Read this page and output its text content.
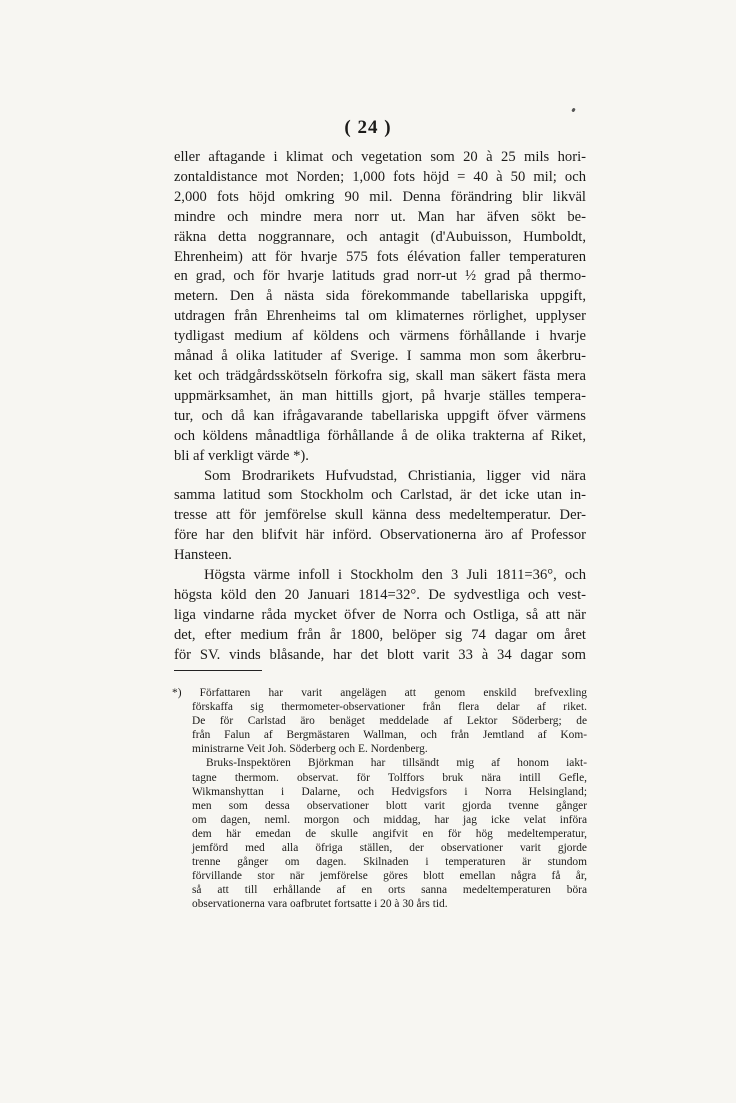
( 24 )
eller aftagande i klimat och vegetation som 20 à 25 mils hori-
zontaldistance mot Norden; 1,000 fots höjd = 40 à 50 mil; och
2,000 fots höjd omkring 90 mil. Denna förändring blir likväl
mindre och mindre mera norr ut. Man har äfven sökt be-
räkna detta noggrannare, och antagit (d'Aubuisson, Humboldt,
Ehrenheim) att för hvarje 575 fots élévation faller temperaturen
en grad, och för hvarje latituds grad norr-ut ½ grad på thermo-
metern. Den å nästa sida förekommande tabellariska uppgift,
utdragen från Ehrenheims tal om klimaternes rörlighet, upplyser
tydligast medium af köldens och värmens förhållande i hvarje
månad å olika latituder af Sverige. I samma mon som åkerbru-
ket och trädgårdsskötseln förkofra sig, skall man säkert fästa mera
uppmärksamhet, än man hittills gjort, på hvarje ställes tempera-
tur, och då kan ifrågavarande tabellariska uppgift öfver värmens
och köldens månadtliga förhållande å de olika trakterna af Riket,
bli af verkligt värde *).
Som Brodrarikets Hufvudstad, Christiania, ligger vid nära
samma latitud som Stockholm och Carlstad, är det icke utan in-
tresse att för jemförelse skull känna dess medeltemperatur. Der-
före har den blifvit här införd. Observationerna äro af Professor
Hansteen.
Högsta värme infoll i Stockholm den 3 Juli 1811=36°, och
högsta köld den 20 Januari 1814=32°. De sydvestliga och vest-
liga vindarne råda mycket öfver de Norra och Ostliga, så att när
det, efter medium från år 1800, belöper sig 74 dagar om året
för SV. vinds blåsande, har det blott varit 33 à 34 dagar som
*) Författaren har varit angelägen att genom enskild brefvexling
förskaffa sig thermometer-observationer från flera delar af riket.
De för Carlstad äro benäget meddelade af Lektor Söderberg; de
från Falun af Bergmästaren Wallman, och från Jemtland af Kom-
ministrarne Veit Joh. Söderberg och E. Nordenberg.
Bruks-Inspektören Björkman har tillsändt mig af honom iakt-
tagne thermom. observat. för Tolffors bruk nära intill Gefle,
Wikmanshyttan i Dalarne, och Hedvigsfors i Norra Helsingland;
men som dessa observationer blott varit gjorda tvenne gånger
om dagen, neml. morgon och middag, har jag icke velat införa
dem här emedan de skulle angifvit en för hög medeltemperatur,
jemförd med alla öfriga ställen, der observationer varit gjorde
trenne gånger om dagen. Skilnaden i temperaturen är stundom
förvillande stor när jemförelse göres blott emellan några få år,
så att till erhållande af en orts sanna medeltemperaturen böra
observationerna vara oafbrutet fortsatte i 20 à 30 års tid.
